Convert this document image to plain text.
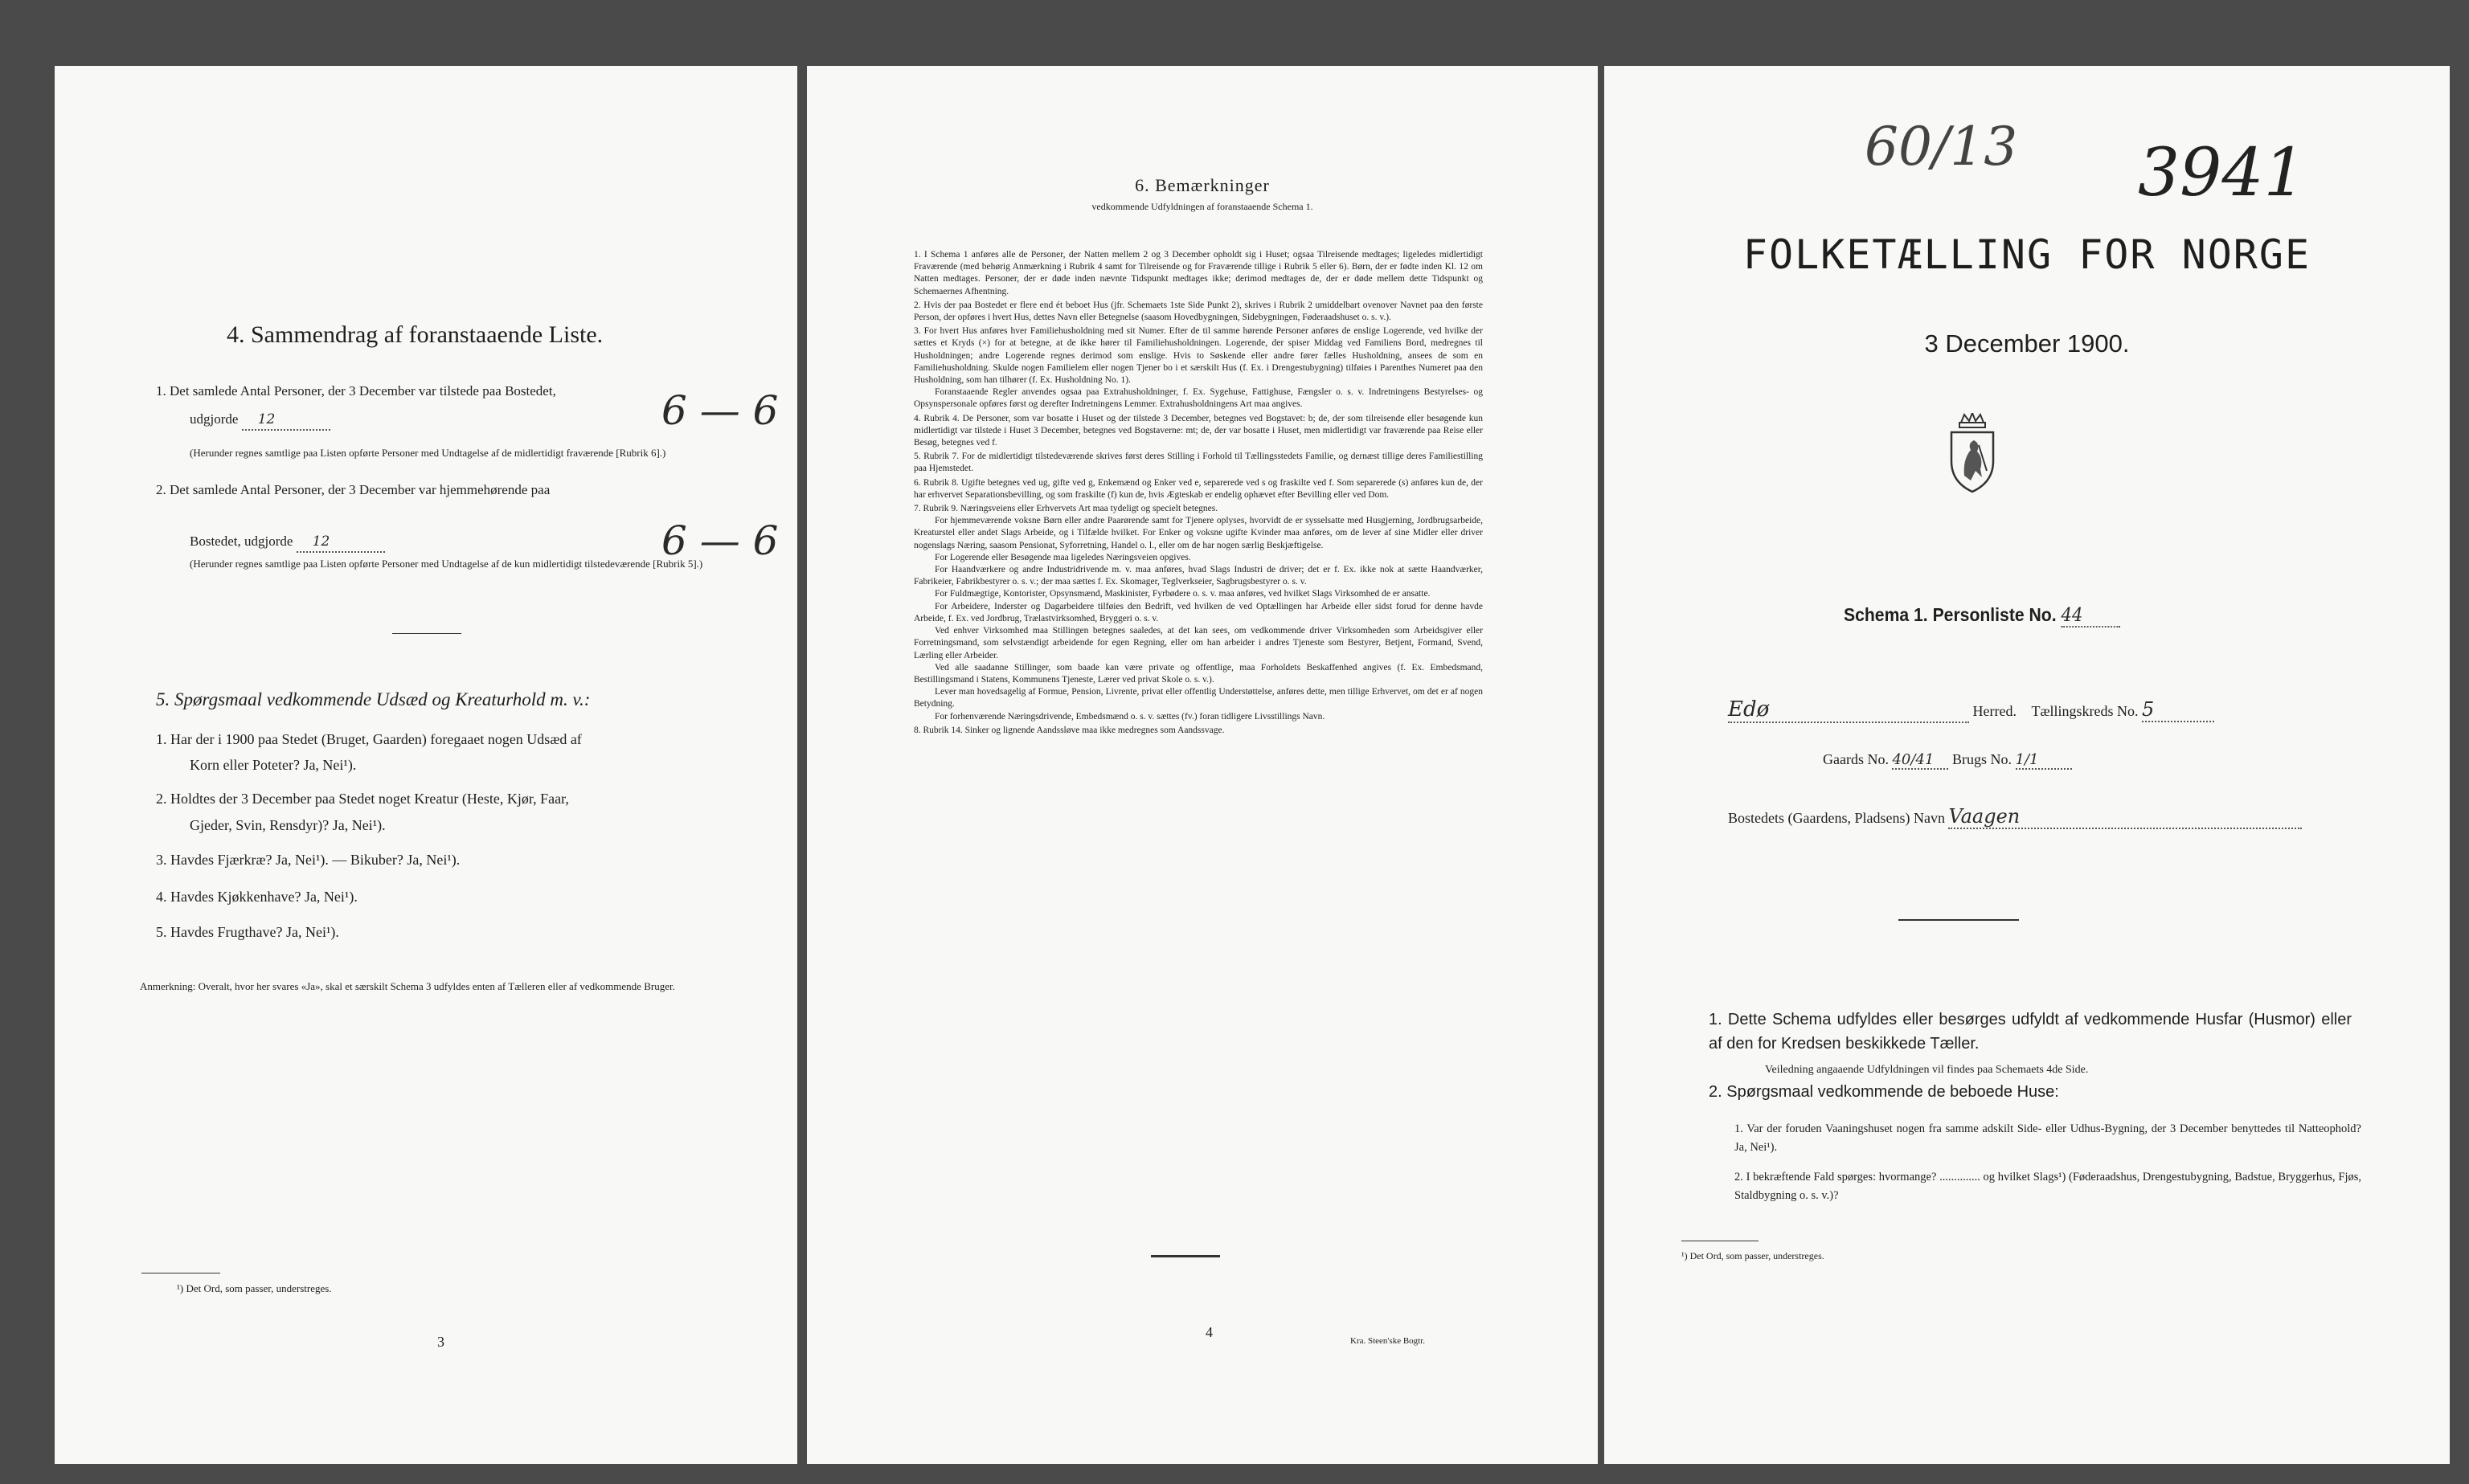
4. Sammendrag af foranstaaende Liste.
1. Det samlede Antal Personer, der 3 December var tilstede paa Bostedet,
udgjorde 12	6 — 6
(Herunder regnes samtlige paa Listen opførte Personer med Undtagelse af de midlertidigt fraværende [Rubrik 6].)
2. Det samlede Antal Personer, der 3 December var hjemmehørende paa
Bostedet, udgjorde 12	6 — 6
(Herunder regnes samtlige paa Listen opførte Personer med Undtagelse af de kun midlertidigt tilstedeværende [Rubrik 5].)
5. Spørgsmaal vedkommende Udsæd og Kreaturhold m. v.:
1. Har der i 1900 paa Stedet (Bruget, Gaarden) foregaaet nogen Udsæd af
Korn eller Poteter? Ja, Nei¹).
2. Holdtes der 3 December paa Stedet noget Kreatur (Heste, Kjør, Faar,
Gjeder, Svin, Rensdyr)? Ja, Nei¹).
3. Havdes Fjærkræ? Ja, Nei¹). — Bikuber? Ja, Nei¹).
4. Havdes Kjøkkenhave? Ja, Nei¹).
5. Havdes Frugthave? Ja, Nei¹).
Anmerkning: Overalt, hvor her svares «Ja», skal et særskilt Schema 3 udfyldes enten af Tælleren eller af vedkommende Bruger.
¹) Det Ord, som passer, understreges.
3
6. Bemærkninger
vedkommende Udfyldningen af foranstaaende Schema 1.
1. I Schema 1 anføres alle de Personer, der Natten mellem 2 og 3 December opholdt sig i Huset; ogsaa Tilreisende medtages; ligeledes midlertidigt Fraværende (med behørig Anmærkning i Rubrik 4 samt for Tilreisende og for Fraværende tillige i Rubrik 5 eller 6). Børn, der er fødte inden Kl. 12 om Natten medtages. Personer, der er døde inden nævnte Tidspunkt medtages ikke; derimod medtages de, der er døde mellem dette Tidspunkt og Schemaernes Afhentning.
2. Hvis der paa Bostedet er flere end ét beboet Hus (jfr. Schemaets 1ste Side Punkt 2), skrives i Rubrik 2 umiddelbart ovenover Navnet paa den første Person, der opføres i hvert Hus, dettes Navn eller Betegnelse (saasom Hovedbygningen, Sidebygningen, Føderaadshuset o. s. v.).
3. For hvert Hus anføres hver Familiehusholdning med sit Numer. Efter de til samme hørende Personer anføres de enslige Logerende, ved hvilke der sættes et Kryds (×) for at betegne, at de ikke hører til Familiehusholdningen. Logerende, der spiser Middag ved Familiens Bord, medregnes til Husholdningen; andre Logerende regnes derimod som enslige. Hvis to Søskende eller andre fører fælles Husholdning, ansees de som en Familiehusholdning. Skulde nogen Familielem eller nogen Tjener bo i et særskilt Hus (f. Ex. i Drengestubygning) tilføies i Parenthes Numeret paa den Husholdning, som han tilhører (f. Ex. Husholdning No. 1).
Foranstaaende Regler anvendes ogsaa paa Extrahusholdninger, f. Ex. Sygehuse, Fattighuse, Fængsler o. s. v. Indretningens Bestyrelses- og Opsynspersonale opføres først og derefter Indretningens Lemmer. Extrahusholdningens Art maa angives.
4. Rubrik 4. De Personer, som var bosatte i Huset og der tilstede 3 December, betegnes ved Bogstavet: b; de, der som tilreisende eller besøgende kun midlertidigt var tilstede i Huset 3 December, betegnes ved Bogstaverne: mt; de, der var bosatte i Huset, men midlertidigt var fraværende paa Reise eller Besøg, betegnes ved f.
5. Rubrik 7. For de midlertidigt tilstedeværende skrives først deres Stilling i Forhold til Tællingsstedets Familie, og dernæst tillige deres Familiestilling paa Hjemstedet.
6. Rubrik 8. Ugifte betegnes ved ug, gifte ved g, Enkemænd og Enker ved e, separerede ved s og fraskilte ved f. Som separerede (s) anføres kun de, der har erhvervet Separationsbevilling, og som fraskilte (f) kun de, hvis Ægteskab er endelig ophævet efter Bevilling eller ved Dom.
7. Rubrik 9. Næringsveiens eller Erhvervets Art maa tydeligt og specielt betegnes.
For hjemmeværende voksne Børn eller andre Paarørende samt for Tjenere oplyses, hvorvidt de er sysselsatte med Husgjerning, Jordbrugsarbeide, Kreaturstel eller andet Slags Arbeide, og i Tilfælde hvilket. For Enker og voksne ugifte Kvinder maa anføres, om de lever af sine Midler eller driver nogenslags Næring, saasom Pensionat, Syforretning, Handel o. l., eller om de har nogen særlig Beskjæftigelse.
For Logerende eller Besøgende maa ligeledes Næringsveien opgives.
For Haandværkere og andre Industridrivende m. v. maa anføres, hvad Slags Industri de driver; det er f. Ex. ikke nok at sætte Haandværker, Fabrikeier, Fabrikbestyrer o. s. v.; der maa sættes f. Ex. Skomager, Teglverkseier, Sagbrugsbestyrer o. s. v.
For Fuldmægtige, Kontorister, Opsynsmænd, Maskinister, Fyrbødere o. s. v. maa anføres, ved hvilket Slags Virksomhed de er ansatte.
For Arbeidere, Inderster og Dagarbeidere tilføies den Bedrift, ved hvilken de ved Optællingen har Arbeide eller sidst forud for denne havde Arbeide, f. Ex. ved Jordbrug, Trælastvirksomhed, Bryggeri o. s. v.
Ved enhver Virksomhed maa Stillingen betegnes saaledes, at det kan sees, om vedkommende driver Virksomheden som Arbeidsgiver eller Forretningsmand, som selvstændigt arbeidende for egen Regning, eller om han arbeider i andres Tjeneste som Bestyrer, Betjent, Formand, Svend, Lærling eller Arbeider.
Ved alle saadanne Stillinger, som baade kan være private og offentlige, maa Forholdets Beskaffenhed angives (f. Ex. Embedsmand, Bestillingsmand i Statens, Kommunens Tjeneste, Lærer ved privat Skole o. s. v.).
Lever man hovedsagelig af Formue, Pension, Livrente, privat eller offentlig Understøttelse, anføres dette, men tillige Erhvervet, om det er af nogen Betydning.
For forhenværende Næringsdrivende, Embedsmænd o. s. v. sættes (fv.) foran tidligere Livsstillings Navn.
8. Rubrik 14. Sinker og lignende Aandssløve maa ikke medregnes som Aandssvage.
4
Kra. Steen'ske Bogtr.
60/13 3941
FOLKETÆLLING FOR NORGE
3 December 1900.
Schema 1. Personliste No. 44
Edø	Herred. Tællingskreds No. 5
Gaards No. 40/41 Brugs No. 1/1
Bostedets (Gaardens, Pladsens) Navn Vaagen
1. Dette Schema udfyldes eller besørges udfyldt af vedkommende Husfar (Husmor) eller af den for Kredsen beskikkede Tæller.
Veiledning angaaende Udfyldningen vil findes paa Schemaets 4de Side.
2. Spørgsmaal vedkommende de beboede Huse:
1. Var der foruden Vaaningshuset nogen fra samme adskilt Side- eller Udhus-Bygning, der 3 December benyttedes til Natteophold? Ja, Nei¹).
2. I bekræftende Fald spørges: hvormange? .............. og hvilket Slags¹) (Føderaadshus, Drengestubygning, Badstue, Bryggerhus, Fjøs, Staldbygning o. s. v.)?
¹) Det Ord, som passer, understreges.
